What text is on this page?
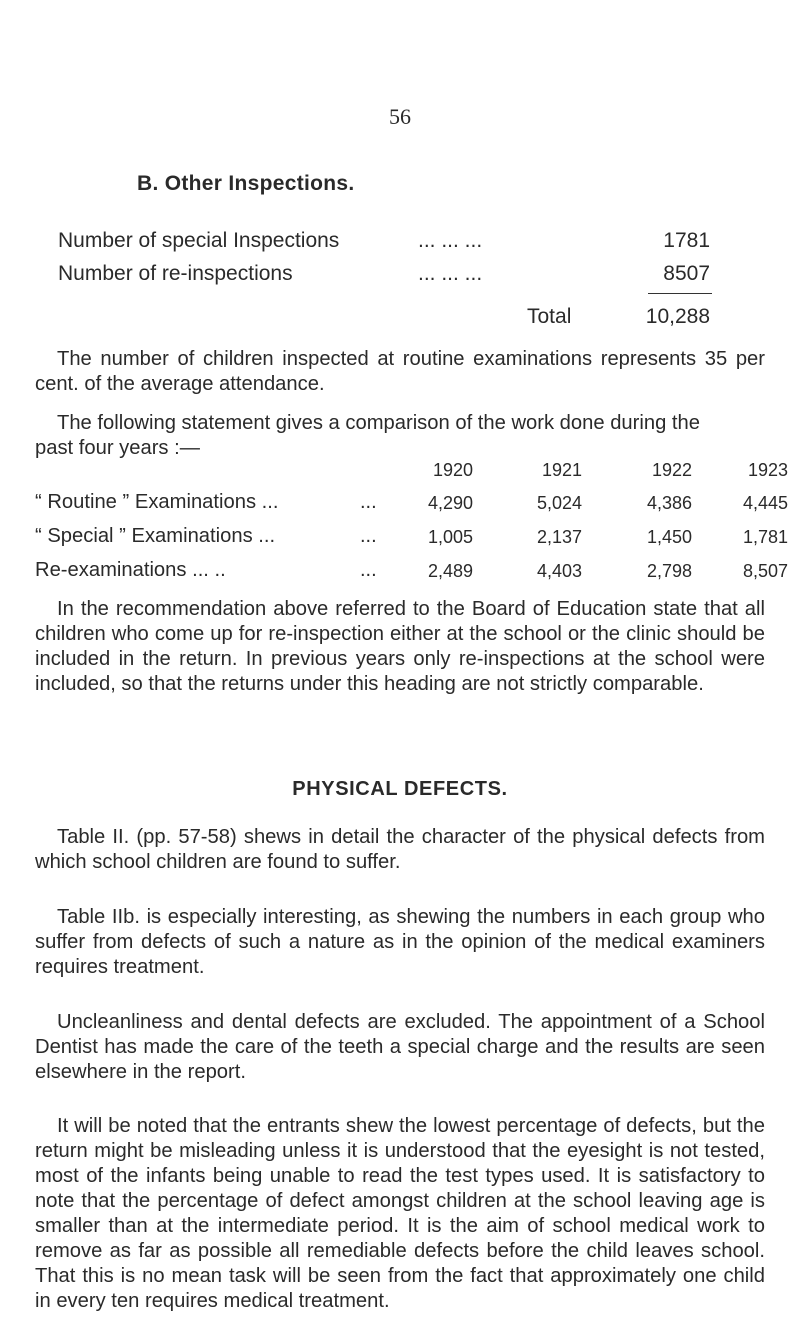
56
B. Other Inspections.
Number of special Inspections	... ... ...	1781
Number of re-inspections	... ... ...	8507
Total	10,288

The number of children inspected at routine examinations represents 35 per cent. of the average attendance.

The following statement gives a comparison of the work done during the
past four years :—
1920	1921	1922	1923
“ Routine ” Examinations ...	...	4,290	5,024	4,386	4,445
“ Special ” Examinations ...	...	1,005	2,137	1,450	1,781
Re-examinations ... ..	...	2,489	4,403	2,798	8,507

In the recommendation above referred to the Board of Education state that all children who come up for re-inspection either at the school or the clinic should be included in the return. In previous years only re-inspections at the school were included, so that the returns under this heading are not strictly comparable.

PHYSICAL DEFECTS.

Table II. (pp. 57-58) shews in detail the character of the physical defects from which school children are found to suffer.

Table IIb. is especially interesting, as shewing the numbers in each group who suffer from defects of such a nature as in the opinion of the medical examiners requires treatment.

Uncleanliness and dental defects are excluded. The appointment of a School Dentist has made the care of the teeth a special charge and the results are seen elsewhere in the report.

It will be noted that the entrants shew the lowest percentage of defects, but the return might be misleading unless it is understood that the eyesight is not tested, most of the infants being unable to read the test types used. It is satisfactory to note that the percentage of defect amongst children at the school leaving age is smaller than at the intermediate period. It is the aim of school medical work to remove as far as possible all remediable defects before the child leaves school. That this is no mean task will be seen from the fact that approximately one child in every ten requires medical treatment.
